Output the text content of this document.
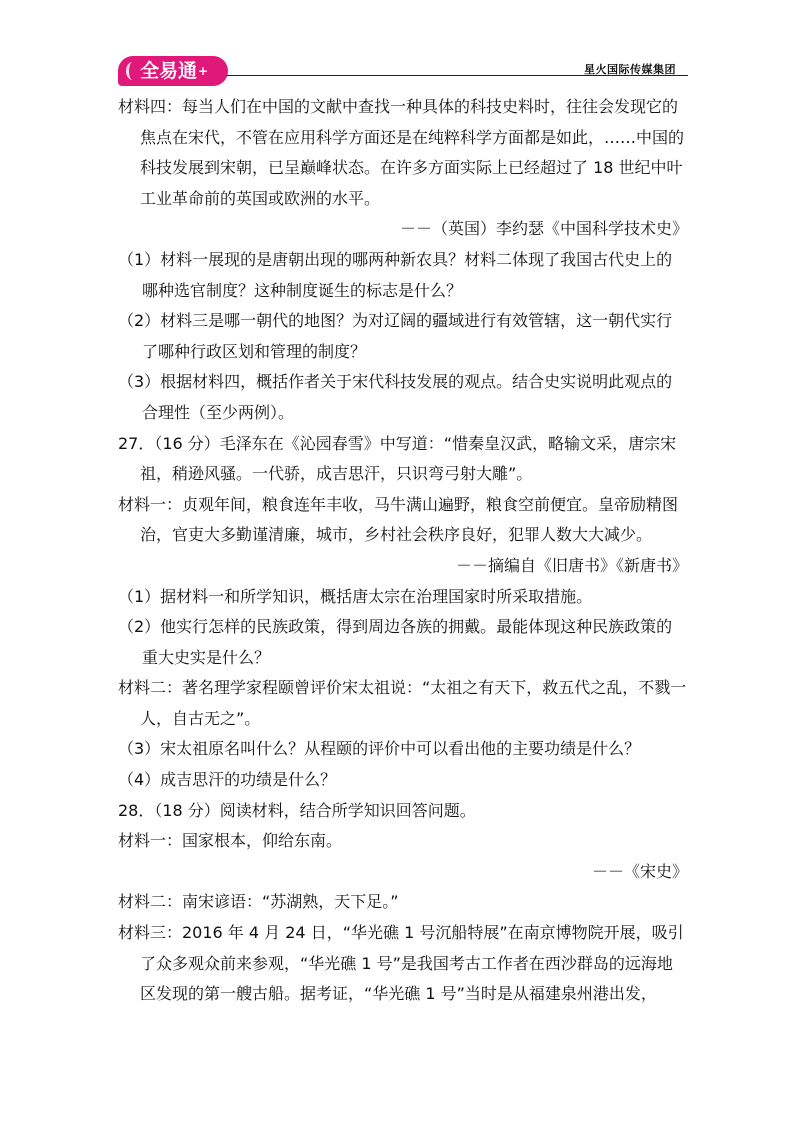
全易通+	星火国际传媒集团

材料四：每当人们在中国的文献中查找一种具体的科技史料时，往往会发现它的焦点在宋代，不管在应用科学方面还是在纯粹科学方面都是如此，……中国的科技发展到宋朝，已呈巅峰状态。在许多方面实际上已经超过了 18 世纪中叶工业革命前的英国或欧洲的水平。

－－（英国）李约瑟《中国科学技术史》

（1）材料一展现的是唐朝出现的哪两种新农具？材料二体现了我国古代史上的哪种选官制度？这种制度诞生的标志是什么？

（2）材料三是哪一朝代的地图？为对辽阔的疆域进行有效管辖，这一朝代实行了哪种行政区划和管理的制度？

（3）根据材料四，概括作者关于宋代科技发展的观点。结合史实说明此观点的合理性（至少两例）。

27．（16 分）毛泽东在《沁园春雪》中写道：“惜秦皇汉武，略输文采，唐宗宋祖，稍逊风骚。一代骄，成吉思汗，只识弯弓射大雕”。

材料一：贞观年间，粮食连年丰收，马牛满山遍野，粮食空前便宜。皇帝励精图治，官吏大多勤谨清廉，城市，乡村社会秩序良好，犯罪人数大大减少。

－－摘编自《旧唐书》《新唐书》

（1）据材料一和所学知识，概括唐太宗在治理国家时所采取措施。

（2）他实行怎样的民族政策，得到周边各族的拥戴。最能体现这种民族政策的重大史实是什么？

材料二：著名理学家程颐曾评价宋太祖说：“太祖之有天下，救五代之乱，不戮一人，自古无之”。

（3）宋太祖原名叫什么？从程颐的评价中可以看出他的主要功绩是什么？

（4）成吉思汗的功绩是什么？

28．（18 分）阅读材料，结合所学知识回答问题。

材料一：国家根本，仰给东南。

－－《宋史》

材料二：南宋谚语：“苏湖熟，天下足。”

材料三：2016 年 4 月 24 日，“华光礁 1 号沉船特展”在南京博物院开展，吸引了众多观众前来参观，“华光礁 1 号”是我国考古工作者在西沙群岛的远海地区发现的第一艘古船。据考证，“华光礁 1 号”当时是从福建泉州港出发，
